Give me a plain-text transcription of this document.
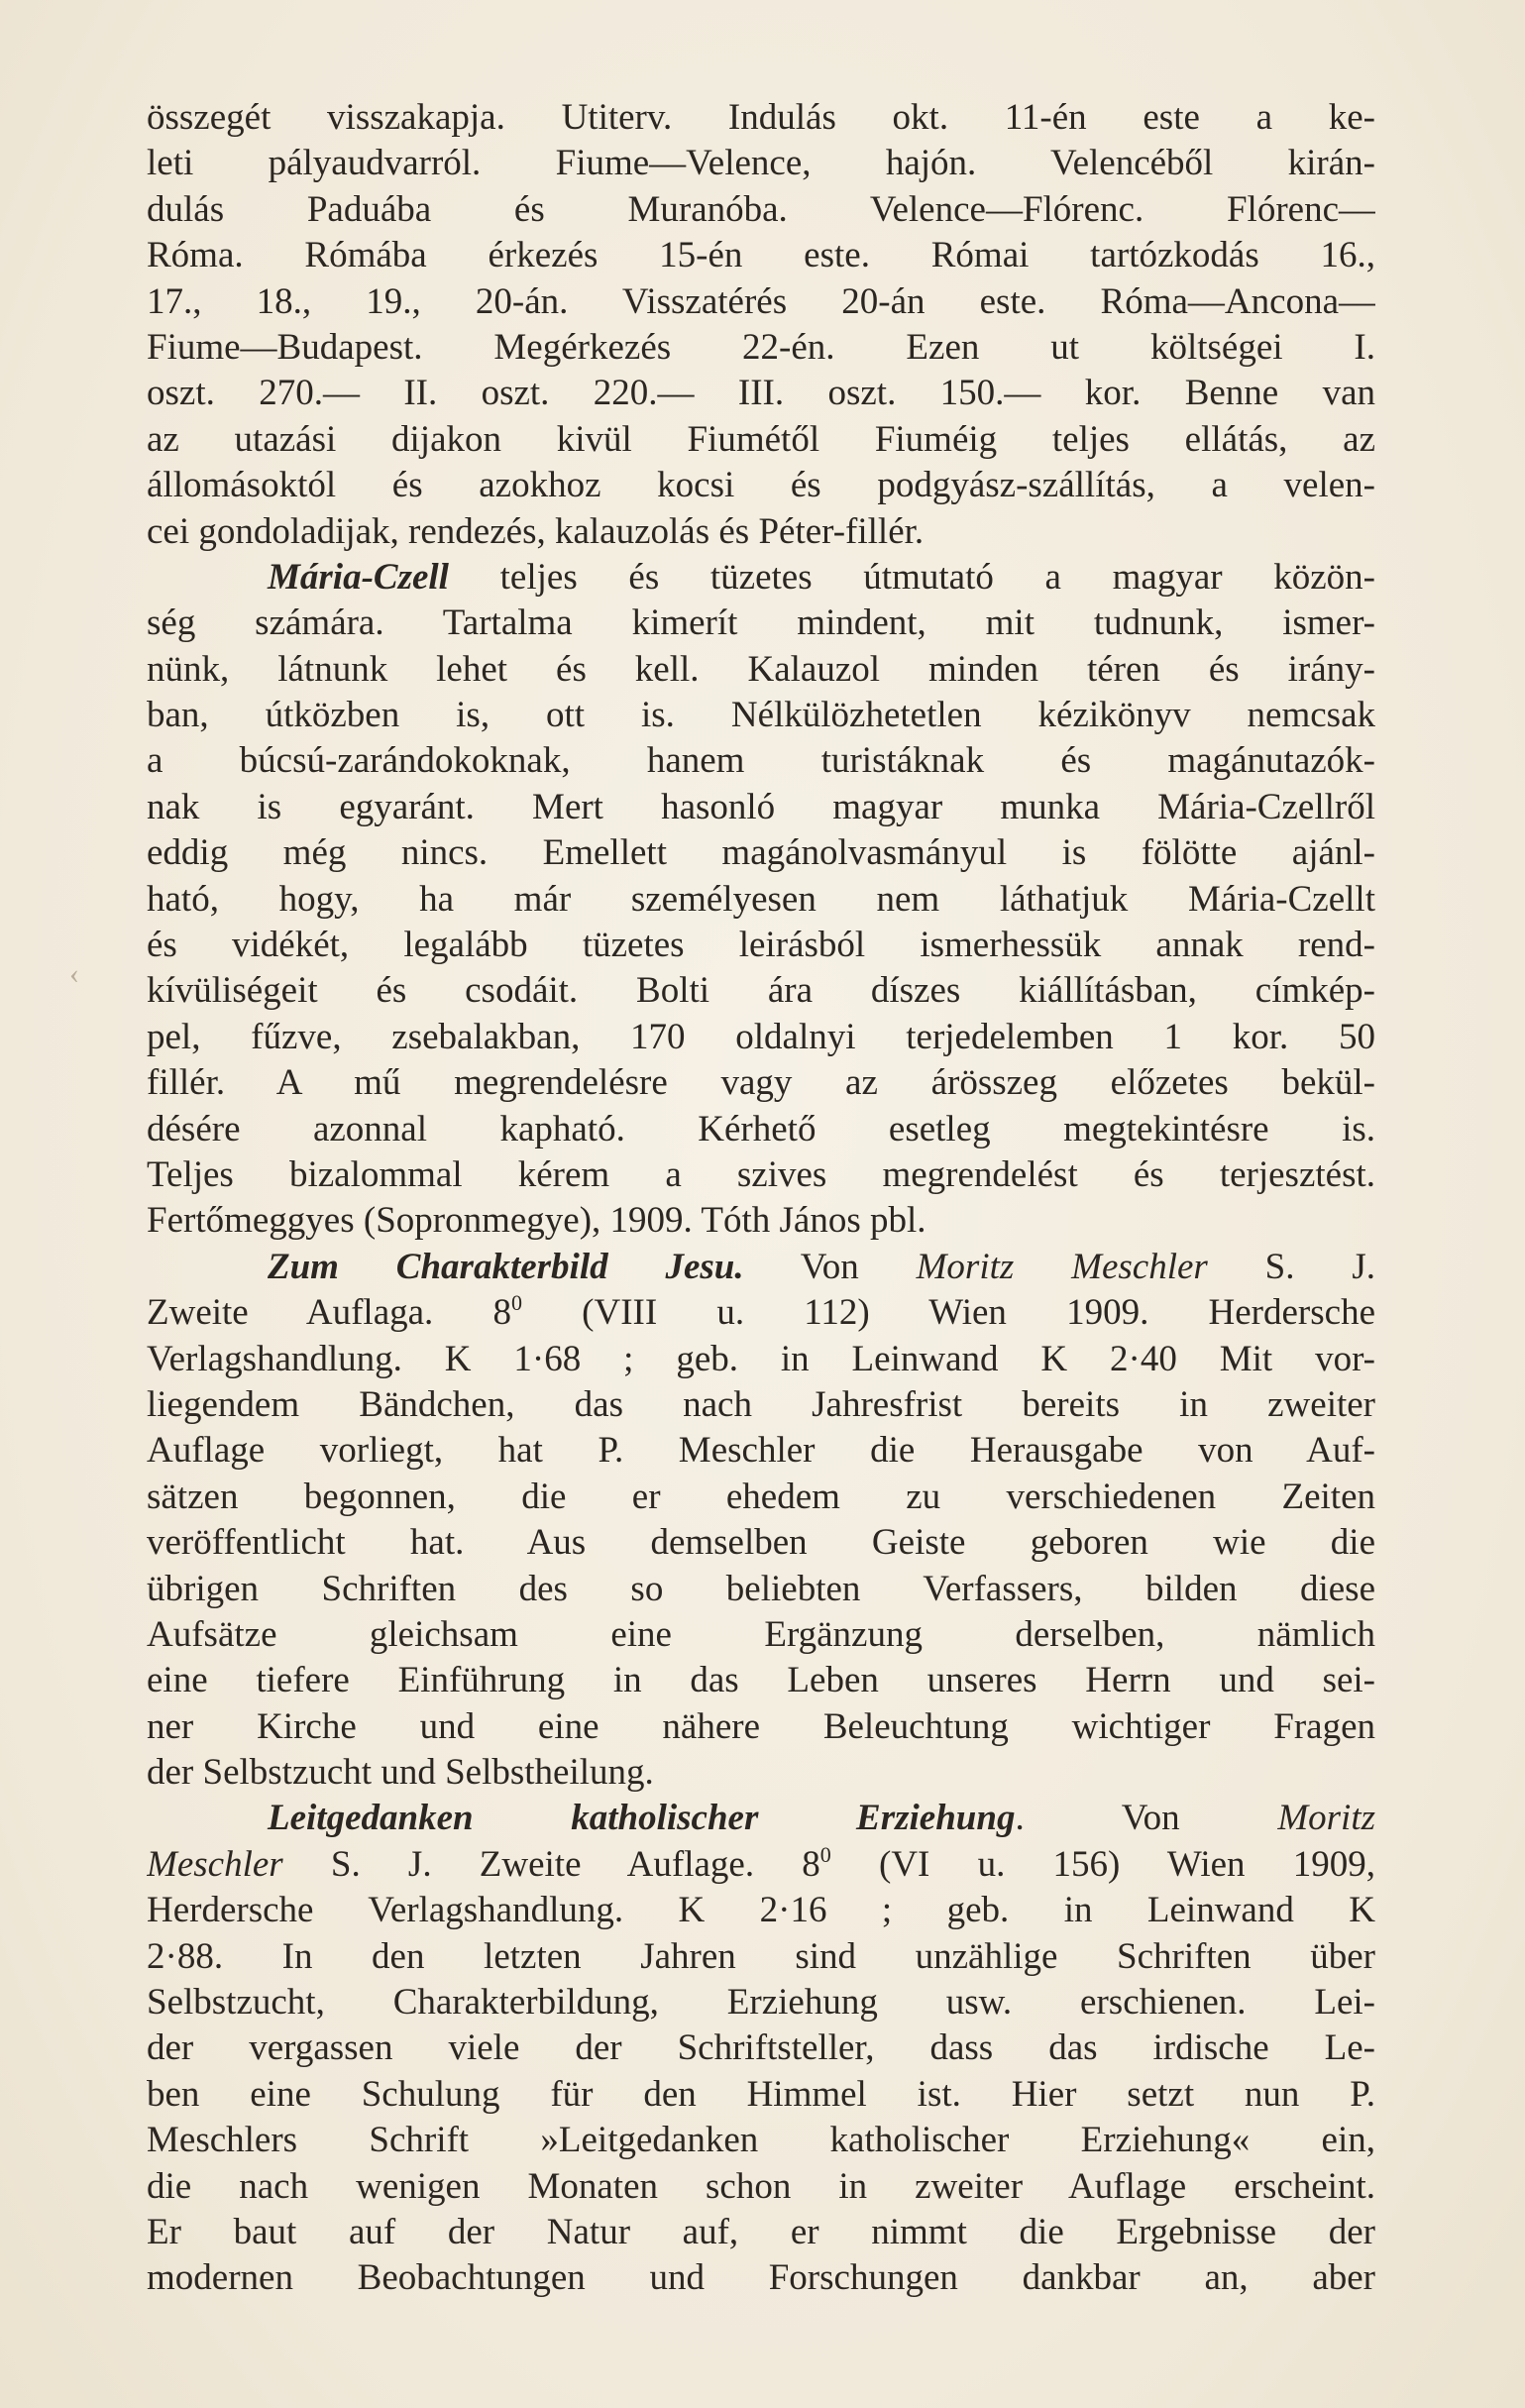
‹
összegét visszakapja. Utiterv. Indulás okt. 11-én este a ke-
leti pályaudvarról. Fiume—Velence, hajón. Velencéből kirán-
dulás Paduába és Muranóba. Velence—Flórenc. Flórenc—
Róma. Rómába érkezés 15-én este. Római tartózkodás 16.,
17., 18., 19., 20-án. Visszatérés 20-án este. Róma—Ancona—
Fiume—Budapest. Megérkezés 22-én. Ezen ut költségei I.
oszt. 270.— II. oszt. 220.— III. oszt. 150.— kor. Benne van
az utazási dijakon kivül Fiumétől Fiuméig teljes ellátás, az
állomásoktól és azokhoz kocsi és podgyász-szállítás, a velen-
cei gondoladijak, rendezés, kalauzolás és Péter-fillér.
Mária-Czell teljes és tüzetes útmutató a magyar közön-
ség számára. Tartalma kimerít mindent, mit tudnunk, ismer-
nünk, látnunk lehet és kell. Kalauzol minden téren és irány-
ban, útközben is, ott is. Nélkülözhetetlen kézikönyv nemcsak
a búcsú-zarándokoknak, hanem turistáknak és magánutazók-
nak is egyaránt. Mert hasonló magyar munka Mária-Czellről
eddig még nincs. Emellett magánolvasmányul is fölötte ajánl-
ható, hogy, ha már személyesen nem láthatjuk Mária-Czellt
és vidékét, legalább tüzetes leirásból ismerhessük annak rend-
kívüliségeit és csodáit. Bolti ára díszes kiállításban, címkép-
pel, fűzve, zsebalakban, 170 oldalnyi terjedelemben 1 kor. 50
fillér. A mű megrendelésre vagy az árösszeg előzetes bekül-
désére azonnal kapható. Kérhető esetleg megtekintésre is.
Teljes bizalommal kérem a szives megrendelést és terjesztést.
Fertőmeggyes (Sopronmegye), 1909. Tóth János pbl.
Zum Charakterbild Jesu. Von Moritz Meschler S. J.
Zweite Auflaga. $8^0$ (VIII u. 112) Wien 1909. Herdersche
Verlagshandlung. K 1·68 ; geb. in Leinwand K 2·40 Mit vor-
liegendem Bändchen, das nach Jahresfrist bereits in zweiter
Auflage vorliegt, hat P. Meschler die Herausgabe von Auf-
sätzen begonnen, die er ehedem zu verschiedenen Zeiten
veröffentlicht hat. Aus demselben Geiste geboren wie die
übrigen Schriften des so beliebten Verfassers, bilden diese
Aufsätze gleichsam eine Ergänzung derselben, nämlich
eine tiefere Einführung in das Leben unseres Herrn und sei-
ner Kirche und eine nähere Beleuchtung wichtiger Fragen
der Selbstzucht und Selbstheilung.
Leitgedanken katholischer Erziehung. Von Moritz
Meschler S. J. Zweite Auflage. $8^0$ (VI u. 156) Wien 1909,
Herdersche Verlagshandlung. K 2·16 ; geb. in Leinwand K
2·88. In den letzten Jahren sind unzählige Schriften über
Selbstzucht, Charakterbildung, Erziehung usw. erschienen. Lei-
der vergassen viele der Schriftsteller, dass das irdische Le-
ben eine Schulung für den Himmel ist. Hier setzt nun P.
Meschlers Schrift »Leitgedanken katholischer Erziehung« ein,
die nach wenigen Monaten schon in zweiter Auflage erscheint.
Er baut auf der Natur auf, er nimmt die Ergebnisse der
modernen Beobachtungen und Forschungen dankbar an, aber
